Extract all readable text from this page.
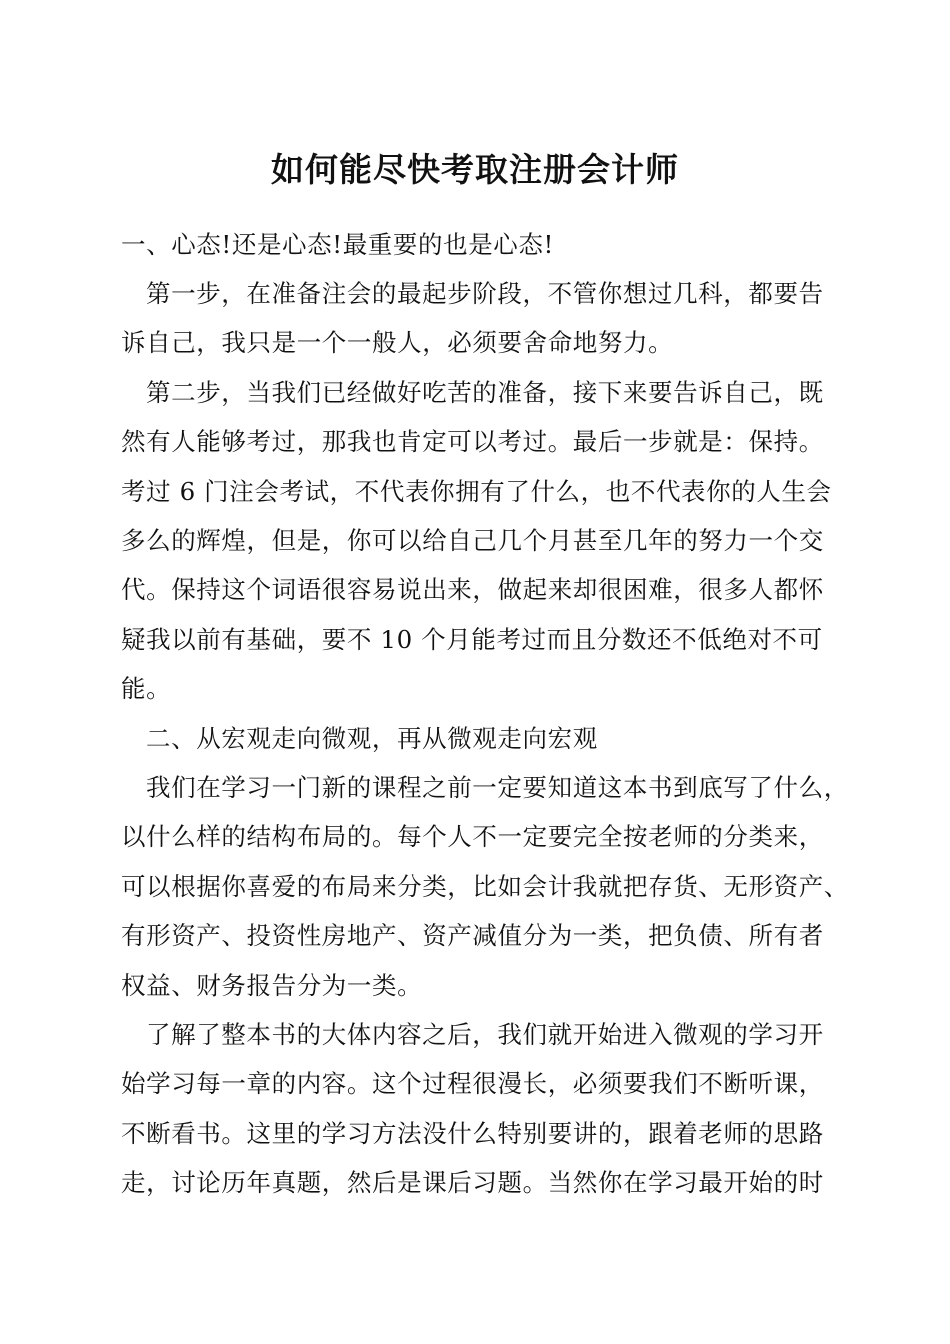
如何能尽快考取注册会计师
一、心态!还是心态!最重要的也是心态!
第一步，在准备注会的最起步阶段，不管你想过几科，都要告
诉自己，我只是一个一般人，必须要舍命地努力。
第二步，当我们已经做好吃苦的准备，接下来要告诉自己，既
然有人能够考过，那我也肯定可以考过。最后一步就是：保持。
考过 6 门注会考试，不代表你拥有了什么，也不代表你的人生会
多么的辉煌，但是，你可以给自己几个月甚至几年的努力一个交
代。保持这个词语很容易说出来，做起来却很困难，很多人都怀
疑我以前有基础，要不 10 个月能考过而且分数还不低绝对不可
能。
二、从宏观走向微观，再从微观走向宏观
我们在学习一门新的课程之前一定要知道这本书到底写了什么，
以什么样的结构布局的。每个人不一定要完全按老师的分类来，
可以根据你喜爱的布局来分类，比如会计我就把存货、无形资产、
有形资产、投资性房地产、资产减值分为一类，把负债、所有者
权益、财务报告分为一类。
了解了整本书的大体内容之后，我们就开始进入微观的学习开
始学习每一章的内容。这个过程很漫长，必须要我们不断听课，
不断看书。这里的学习方法没什么特别要讲的，跟着老师的思路
走，讨论历年真题，然后是课后习题。当然你在学习最开始的时
